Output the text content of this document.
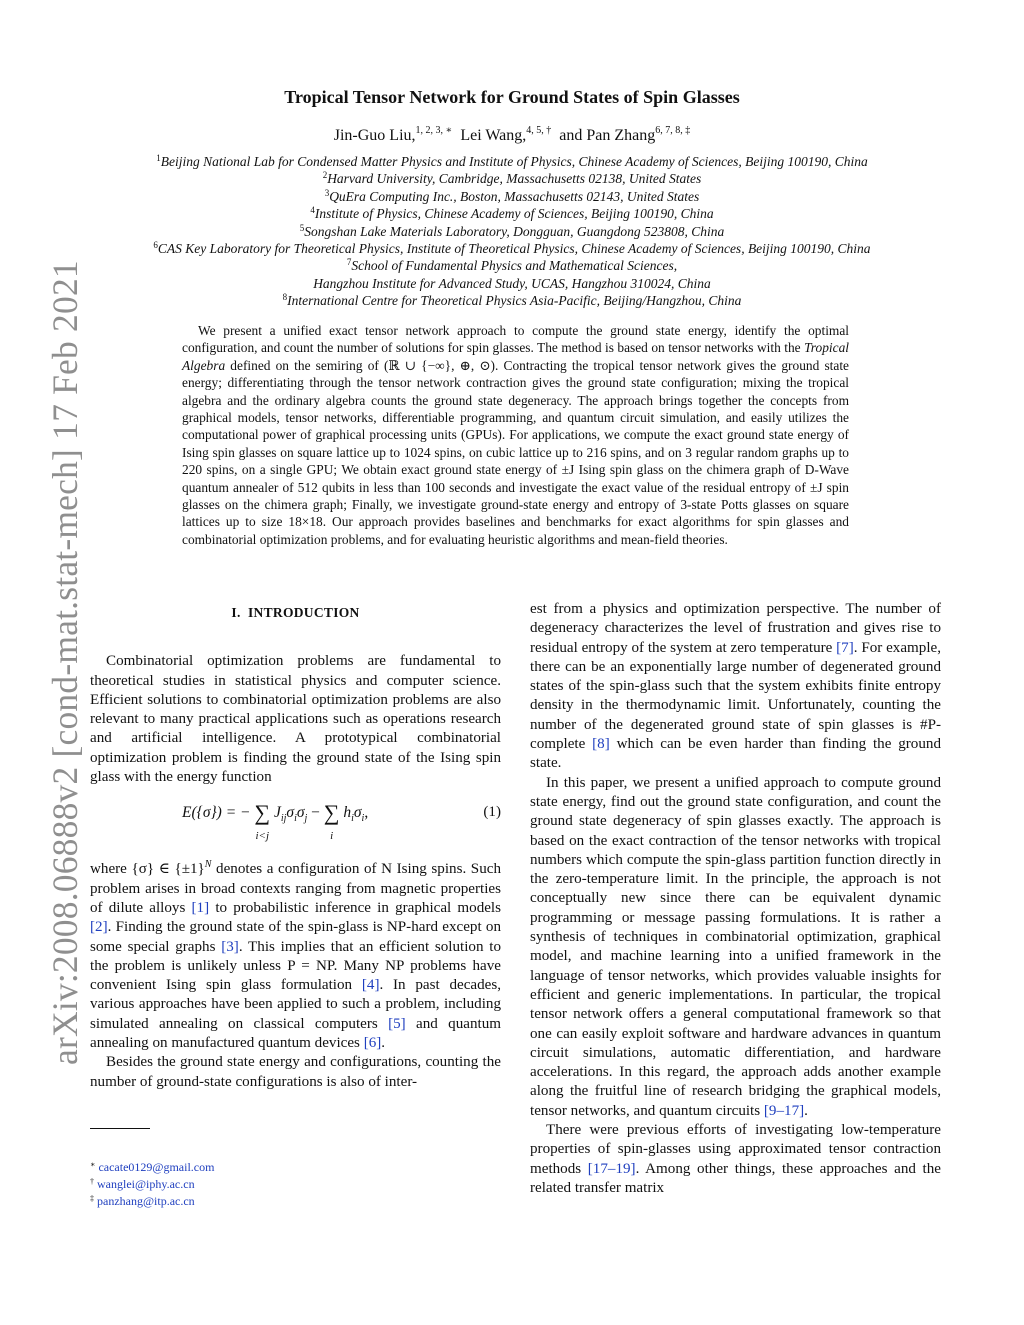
arXiv:2008.06888v2 [cond-mat.stat-mech] 17 Feb 2021
Tropical Tensor Network for Ground States of Spin Glasses
Jin-Guo Liu,$^{1, 2, 3, ∗}$ Lei Wang,$^{4, 5, \dagger}$ and Pan Zhang$^{6, 7, 8, \ddagger}$
$^1$Beijing National Lab for Condensed Matter Physics and Institute of Physics, Chinese Academy of Sciences, Beijing 100190, China
$^2$Harvard University, Cambridge, Massachusetts 02138, United States
$^3$QuEra Computing Inc., Boston, Massachusetts 02143, United States
$^4$Institute of Physics, Chinese Academy of Sciences, Beijing 100190, China
$^5$Songshan Lake Materials Laboratory, Dongguan, Guangdong 523808, China
$^6$CAS Key Laboratory for Theoretical Physics, Institute of Theoretical Physics, Chinese Academy of Sciences, Beijing 100190, China
$^7$School of Fundamental Physics and Mathematical Sciences,
Hangzhou Institute for Advanced Study, UCAS, Hangzhou 310024, China
$^8$International Centre for Theoretical Physics Asia-Pacific, Beijing/Hangzhou, China

We present a unified exact tensor network approach to compute the ground state energy, identify the optimal configuration, and count the number of solutions for spin glasses. The method is based on tensor networks with the Tropical Algebra defined on the semiring of (ℝ ∪ {−∞}, ⊕, ⊙). Contracting the tropical tensor network gives the ground state energy; differentiating through the tensor network contraction gives the ground state configuration; mixing the tropical algebra and the ordinary algebra counts the ground state degeneracy. The approach brings together the concepts from graphical models, tensor networks, differentiable programming, and quantum circuit simulation, and easily utilizes the computational power of graphical processing units (GPUs). For applications, we compute the exact ground state energy of Ising spin glasses on square lattice up to 1024 spins, on cubic lattice up to 216 spins, and on 3 regular random graphs up to 220 spins, on a single GPU; We obtain exact ground state energy of ±J Ising spin glass on the chimera graph of D-Wave quantum annealer of 512 qubits in less than 100 seconds and investigate the exact value of the residual entropy of ±J spin glasses on the chimera graph; Finally, we investigate ground-state energy and entropy of 3-state Potts glasses on square lattices up to size 18×18. Our approach provides baselines and benchmarks for exact algorithms for spin glasses and combinatorial optimization problems, and for evaluating heuristic algorithms and mean-field theories.

I. INTRODUCTION

Combinatorial optimization problems are fundamental to theoretical studies in statistical physics and computer science. Efficient solutions to combinatorial optimization problems are also relevant to many practical applications such as operations research and artificial intelligence. A prototypical combinatorial optimization problem is finding the ground state of the Ising spin glass with the energy function

E({σ}) = − ∑
i<j
$J_{ij}\sigma_i\sigma_j$ − ∑
i
$h_i\sigma_i$,	(1)

where {σ} ∈ $\{\pm 1\}^N$ denotes a configuration of N Ising spins. Such problem arises in broad contexts ranging from magnetic properties of dilute alloys [1] to probabilistic inference in graphical models [2]. Finding the ground state of the spin-glass is NP-hard except on some special graphs [3]. This implies that an efficient solution to the problem is unlikely unless P = NP. Many NP problems have convenient Ising spin glass formulation [4]. In past decades, various approaches have been applied to such a problem, including simulated annealing on classical computers [5] and quantum annealing on manufactured quantum devices [6].

Besides the ground state energy and configurations, counting the number of ground-state configurations is also of inter-

est from a physics and optimization perspective. The number of degeneracy characterizes the level of frustration and gives rise to residual entropy of the system at zero temperature [7]. For example, there can be an exponentially large number of degenerated ground states of the spin-glass such that the system exhibits finite entropy density in the thermodynamic limit. Unfortunately, counting the number of the degenerated ground state of spin glasses is #P-complete [8] which can be even harder than finding the ground state.

In this paper, we present a unified approach to compute ground state energy, find out the ground state configuration, and count the ground state degeneracy of spin glasses exactly. The approach is based on the exact contraction of the tensor networks with tropical numbers which compute the spin-glass partition function directly in the zero-temperature limit. In the principle, the approach is not conceptually new since there can be equivalent dynamic programming or message passing formulations. It is rather a synthesis of techniques in combinatorial optimization, graphical model, and machine learning into a unified framework in the language of tensor networks, which provides valuable insights for efficient and generic implementations. In particular, the tropical tensor network offers a general computational framework so that one can easily exploit software and hardware advances in quantum circuit simulations, automatic differentiation, and hardware accelerations. In this regard, the approach adds another example along the fruitful line of research bridging the graphical models, tensor networks, and quantum circuits [9–17].

There were previous efforts of investigating low-temperature properties of spin-glasses using approximated tensor contraction methods [17–19]. Among other things, these approaches and the related transfer matrix

∗ cacate0129@gmail.com
† wanglei@iphy.ac.cn
‡ panzhang@itp.ac.cn
